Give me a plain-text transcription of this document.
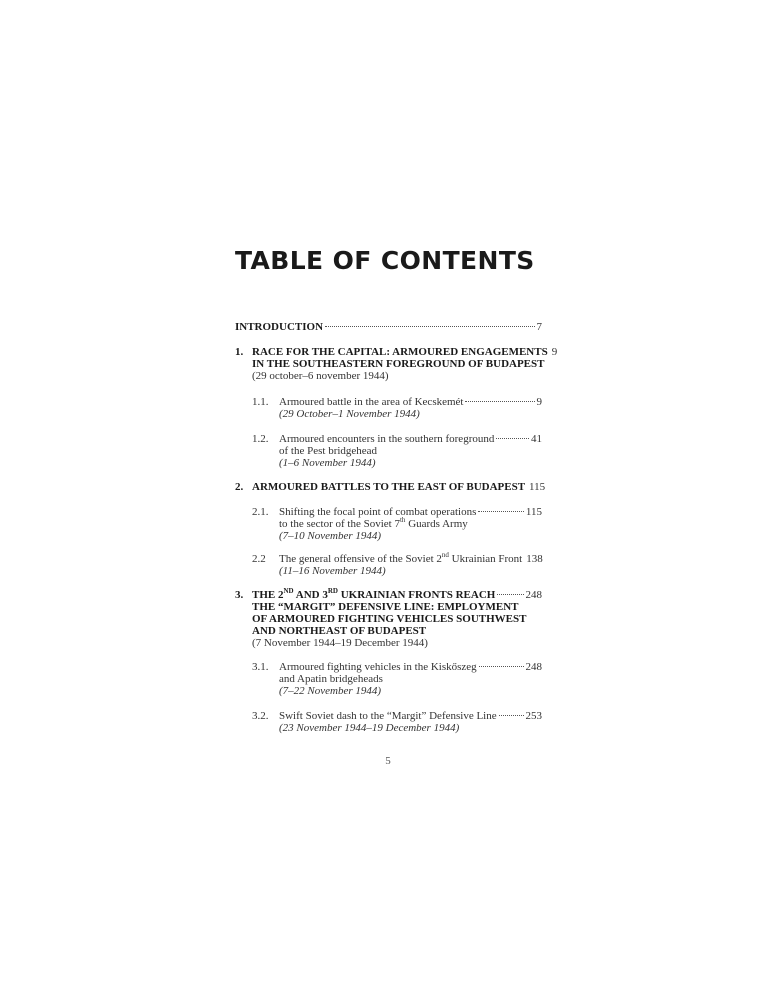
TABLE OF CONTENTS
INTRODUCTION	7
1. RACE FOR THE CAPITAL: ARMOURED ENGAGEMENTS 9
IN THE SOUTHEASTERN FOREGROUND OF BUDAPEST
(29 october–6 november 1944)
1.1. Armoured battle in the area of Kecskemét	9
(29 October–1 November 1944)
1.2. Armoured encounters in the southern foreground	41
of the Pest bridgehead
(1–6 November 1944)
2. ARMOURED BATTLES TO THE EAST OF BUDAPEST 115
2.1. Shifting the focal point of combat operations	115
to the sector of the Soviet 7th Guards Army
(7–10 November 1944)
2.2 The general offensive of the Soviet 2nd Ukrainian Front 138
(11–16 November 1944)
3. THE 2ND AND 3RD UKRAINIAN FRONTS REACH	248
THE “MARGIT” DEFENSIVE LINE: EMPLOYMENT
OF ARMOURED FIGHTING VEHICLES SOUTHWEST
AND NORTHEAST OF BUDAPEST
(7 November 1944–19 December 1944)
3.1. Armoured fighting vehicles in the Kiskőszeg	248
and Apatin bridgeheads
(7–22 November 1944)
3.2. Swift Soviet dash to the “Margit” Defensive Line	253
(23 November 1944–19 December 1944)
5
